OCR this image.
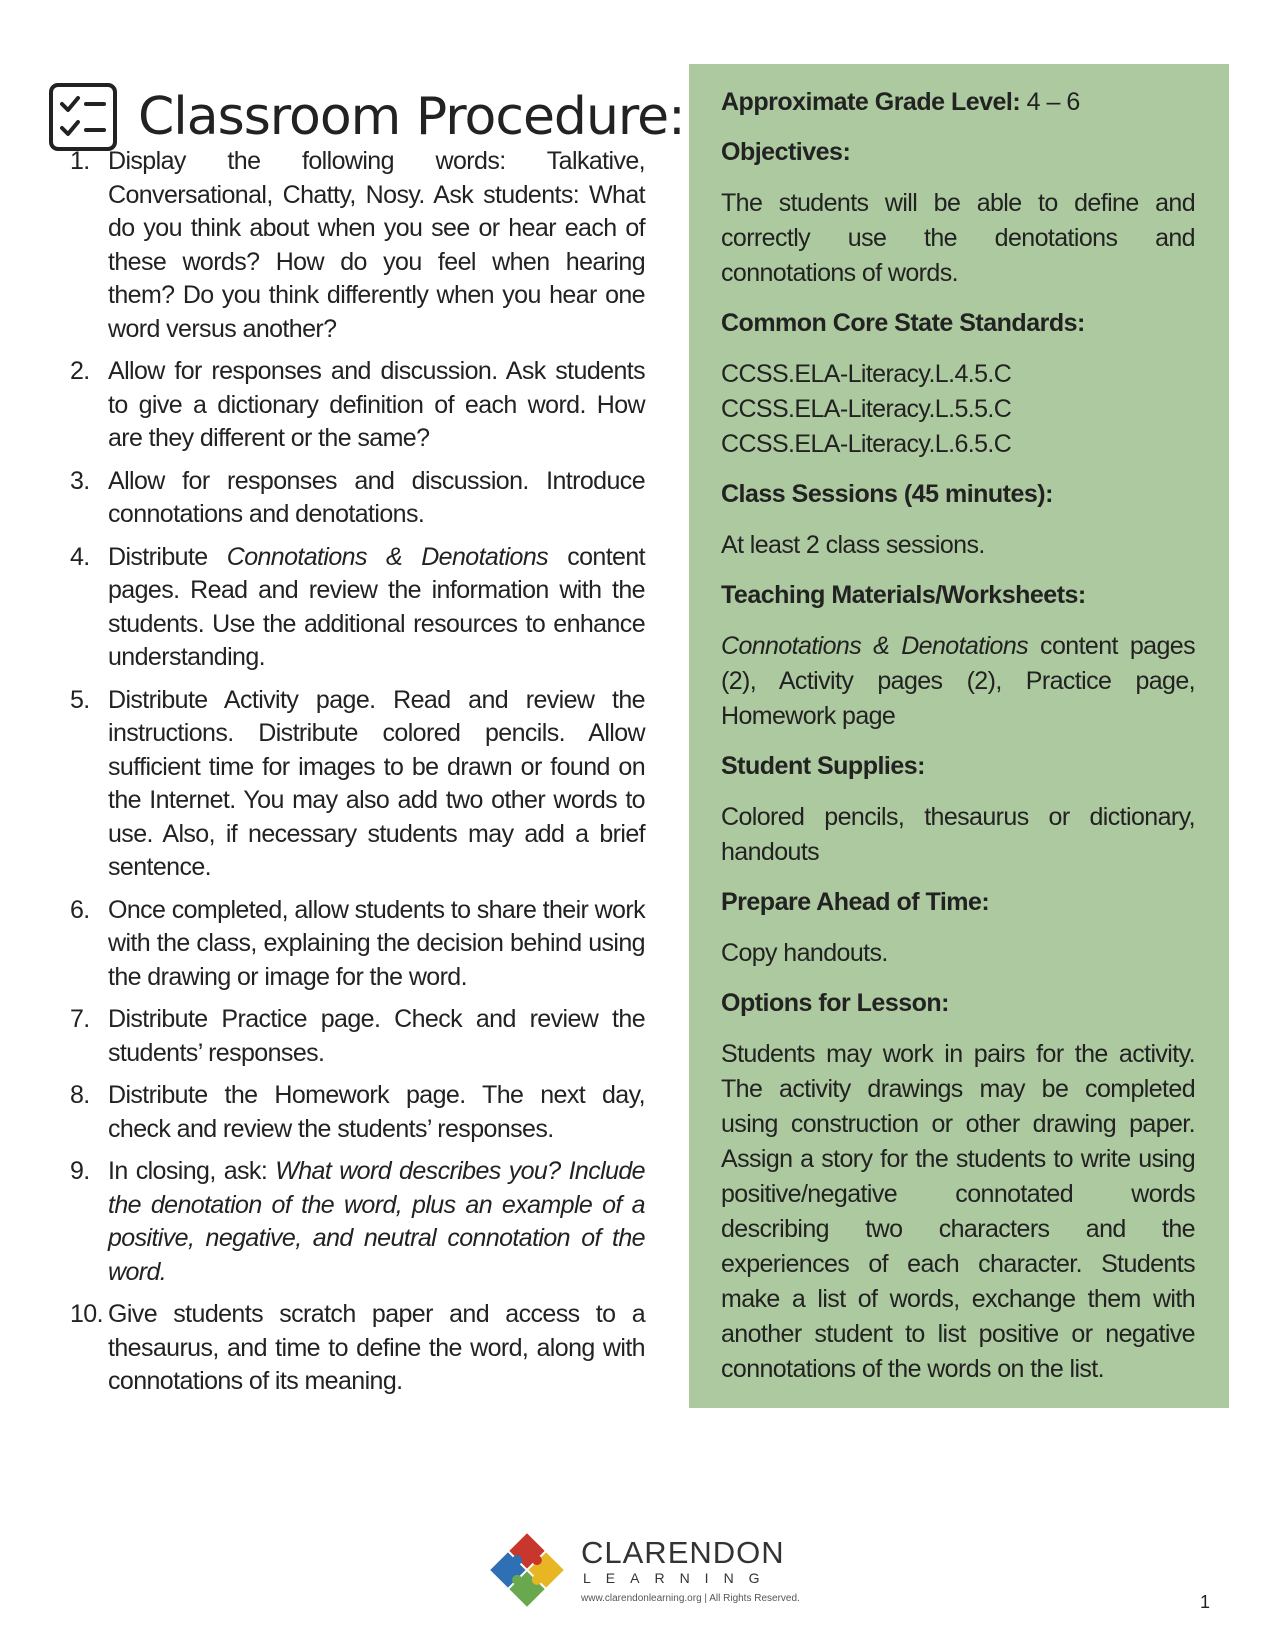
Classroom Procedure:
1. Display the following words: Talkative, Conversational, Chatty, Nosy. Ask students: What do you think about when you see or hear each of these words? How do you feel when hearing them? Do you think differently when you hear one word versus another?
2. Allow for responses and discussion. Ask students to give a dictionary definition of each word. How are they different or the same?
3. Allow for responses and discussion. Introduce connotations and denotations.
4. Distribute Connotations & Denotations content pages. Read and review the information with the students. Use the additional resources to enhance understanding.
5. Distribute Activity page. Read and review the instructions. Distribute colored pencils. Allow sufficient time for images to be drawn or found on the Internet. You may also add two other words to use. Also, if necessary students may add a brief sentence.
6. Once completed, allow students to share their work with the class, explaining the decision behind using the drawing or image for the word.
7. Distribute Practice page. Check and review the students’ responses.
8. Distribute the Homework page. The next day, check and review the students’ responses.
9. In closing, ask: What word describes you? Include the denotation of the word, plus an example of a positive, negative, and neutral connotation of the word.
10. Give students scratch paper and access to a thesaurus, and time to define the word, along with connotations of its meaning.

Approximate Grade Level: 4 – 6

Objectives:

The students will be able to define and correctly use the denotations and connotations of words.

Common Core State Standards:

CCSS.ELA-Literacy.L.4.5.C
CCSS.ELA-Literacy.L.5.5.C
CCSS.ELA-Literacy.L.6.5.C

Class Sessions (45 minutes):

At least 2 class sessions.

Teaching Materials/Worksheets:

Connotations & Denotations content pages (2), Activity pages (2), Practice page, Homework page

Student Supplies:

Colored pencils, thesaurus or dictionary, handouts

Prepare Ahead of Time:

Copy handouts.

Options for Lesson:

Students may work in pairs for the activity. The activity drawings may be completed using construction or other drawing paper. Assign a story for the students to write using positive/negative connotated words describing two characters and the experiences of each character. Students make a list of words, exchange them with another student to list positive or negative connotations of the words on the list.

CLARENDON
LEARNING
www.clarendonlearning.org | All Rights Reserved.	1
